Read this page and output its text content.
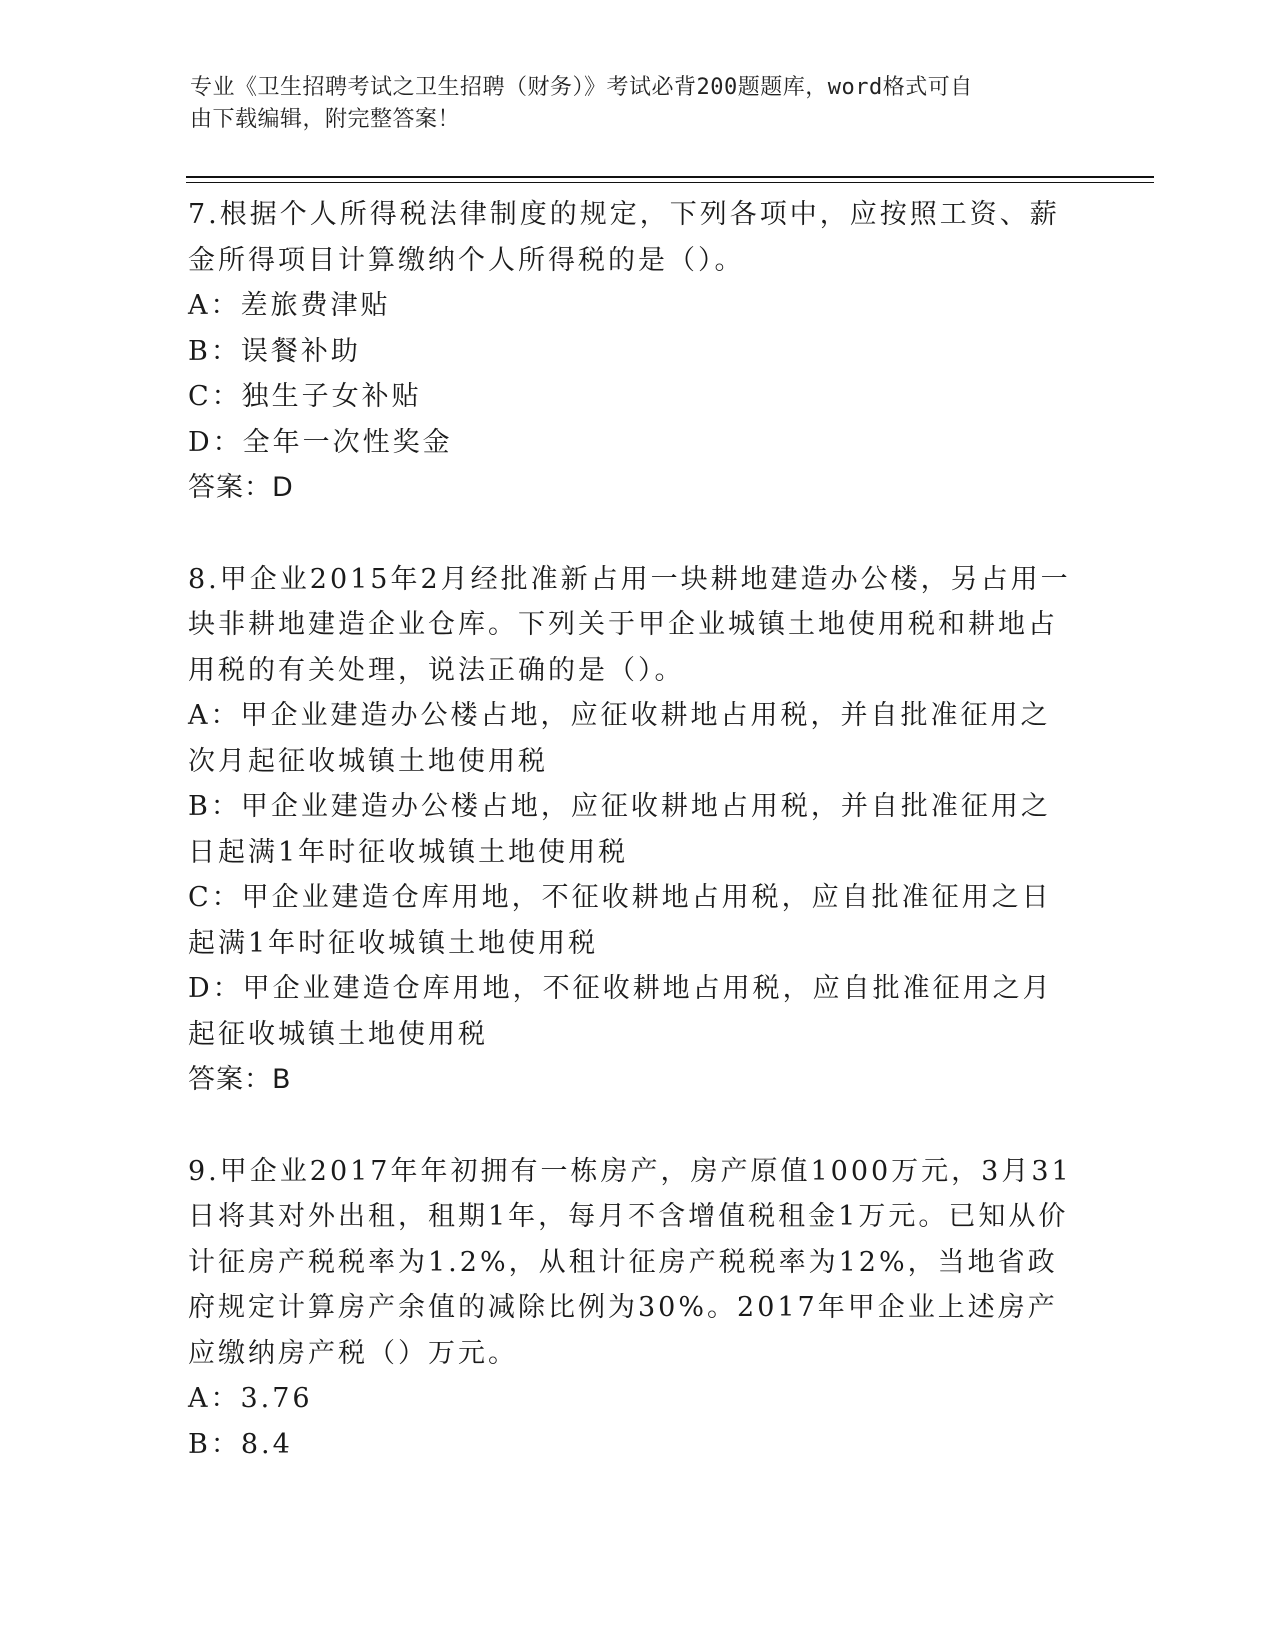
专业《卫生招聘考试之卫生招聘（财务）》考试必背200题题库，word格式可自
由下载编辑，附完整答案！

7.根据个人所得税法律制度的规定，下列各项中，应按照工资、薪金所得项目计算缴纳个人所得税的是（）。

A：差旅费津贴

B：误餐补助

C：独生子女补贴

D：全年一次性奖金

答案：D

8.甲企业2015年2月经批准新占用一块耕地建造办公楼，另占用一块非耕地建造企业仓库。下列关于甲企业城镇土地使用税和耕地占用税的有关处理，说法正确的是（）。

A：甲企业建造办公楼占地，应征收耕地占用税，并自批准征用之次月起征收城镇土地使用税

B：甲企业建造办公楼占地，应征收耕地占用税，并自批准征用之日起满1年时征收城镇土地使用税

C：甲企业建造仓库用地，不征收耕地占用税，应自批准征用之日起满1年时征收城镇土地使用税

D：甲企业建造仓库用地，不征收耕地占用税，应自批准征用之月起征收城镇土地使用税

答案：B

9.甲企业2017年年初拥有一栋房产，房产原值1000万元，3月31日将其对外出租，租期1年，每月不含增值税租金1万元。已知从价计征房产税税率为1.2%，从租计征房产税税率为12%，当地省政府规定计算房产余值的减除比例为30%。2017年甲企业上述房产应缴纳房产税（）万元。

A：3.76

B：8.4
